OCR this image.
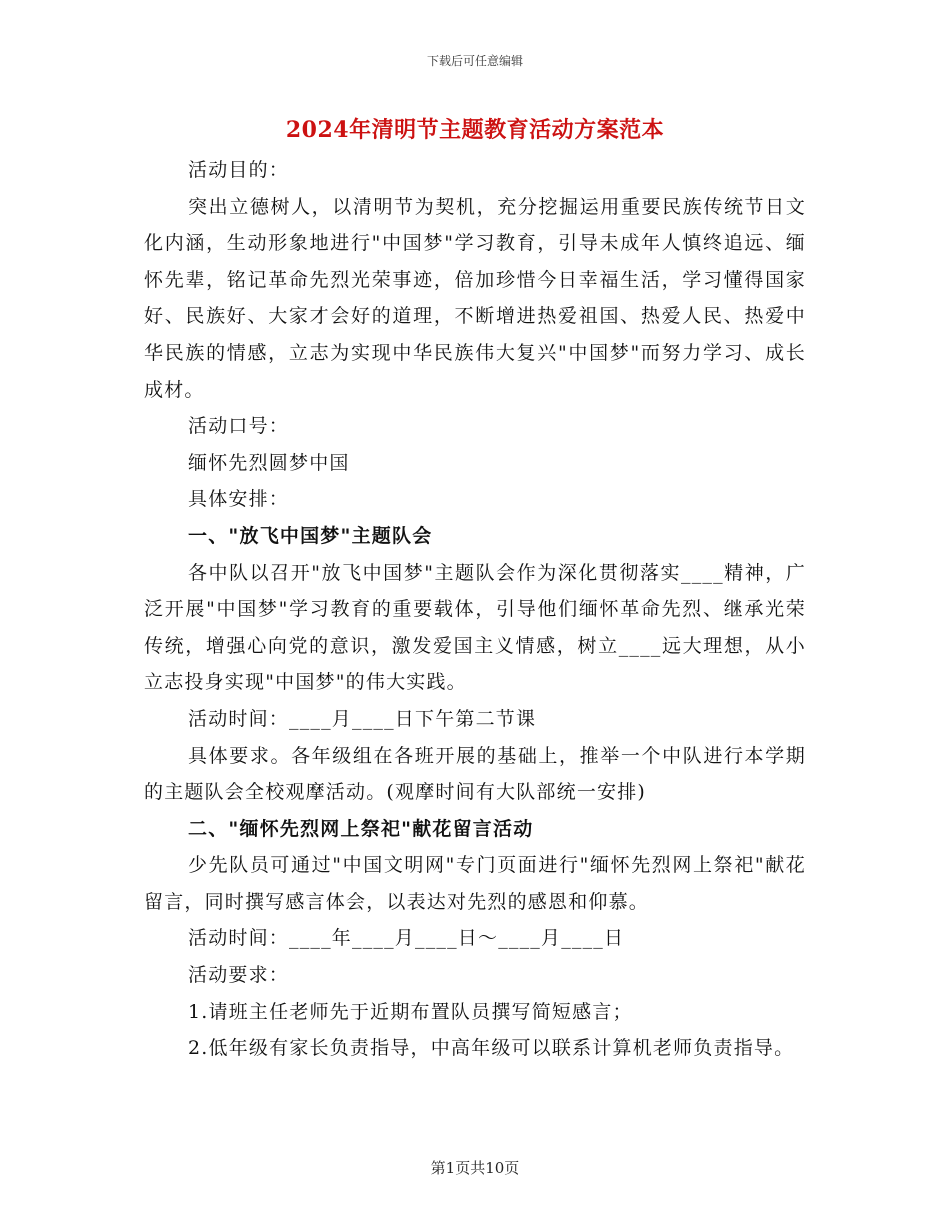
下载后可任意编辑
2024年清明节主题教育活动方案范本

活动目的：

突出立德树人，以清明节为契机，充分挖掘运用重要民族传统节日文化内涵，生动形象地进行"中国梦"学习教育，引导未成年人慎终追远、缅怀先辈，铭记革命先烈光荣事迹，倍加珍惜今日幸福生活，学习懂得国家好、民族好、大家才会好的道理，不断增进热爱祖国、热爱人民、热爱中华民族的情感，立志为实现中华民族伟大复兴"中国梦"而努力学习、成长成材。

活动口号：

缅怀先烈圆梦中国

具体安排：

一、"放飞中国梦"主题队会

各中队以召开"放飞中国梦"主题队会作为深化贯彻落实____精神，广泛开展"中国梦"学习教育的重要载体，引导他们缅怀革命先烈、继承光荣传统，增强心向党的意识，激发爱国主义情感，树立____远大理想，从小立志投身实现"中国梦"的伟大实践。

活动时间：____月____日下午第二节课

具体要求。各年级组在各班开展的基础上，推举一个中队进行本学期的主题队会全校观摩活动。(观摩时间有大队部统一安排)

二、"缅怀先烈网上祭祀"献花留言活动

少先队员可通过"中国文明网"专门页面进行"缅怀先烈网上祭祀"献花留言，同时撰写感言体会，以表达对先烈的感恩和仰慕。

活动时间：____年____月____日～____月____日

活动要求：

1.请班主任老师先于近期布置队员撰写简短感言；

2.低年级有家长负责指导，中高年级可以联系计算机老师负责指导。

第1页共10页
